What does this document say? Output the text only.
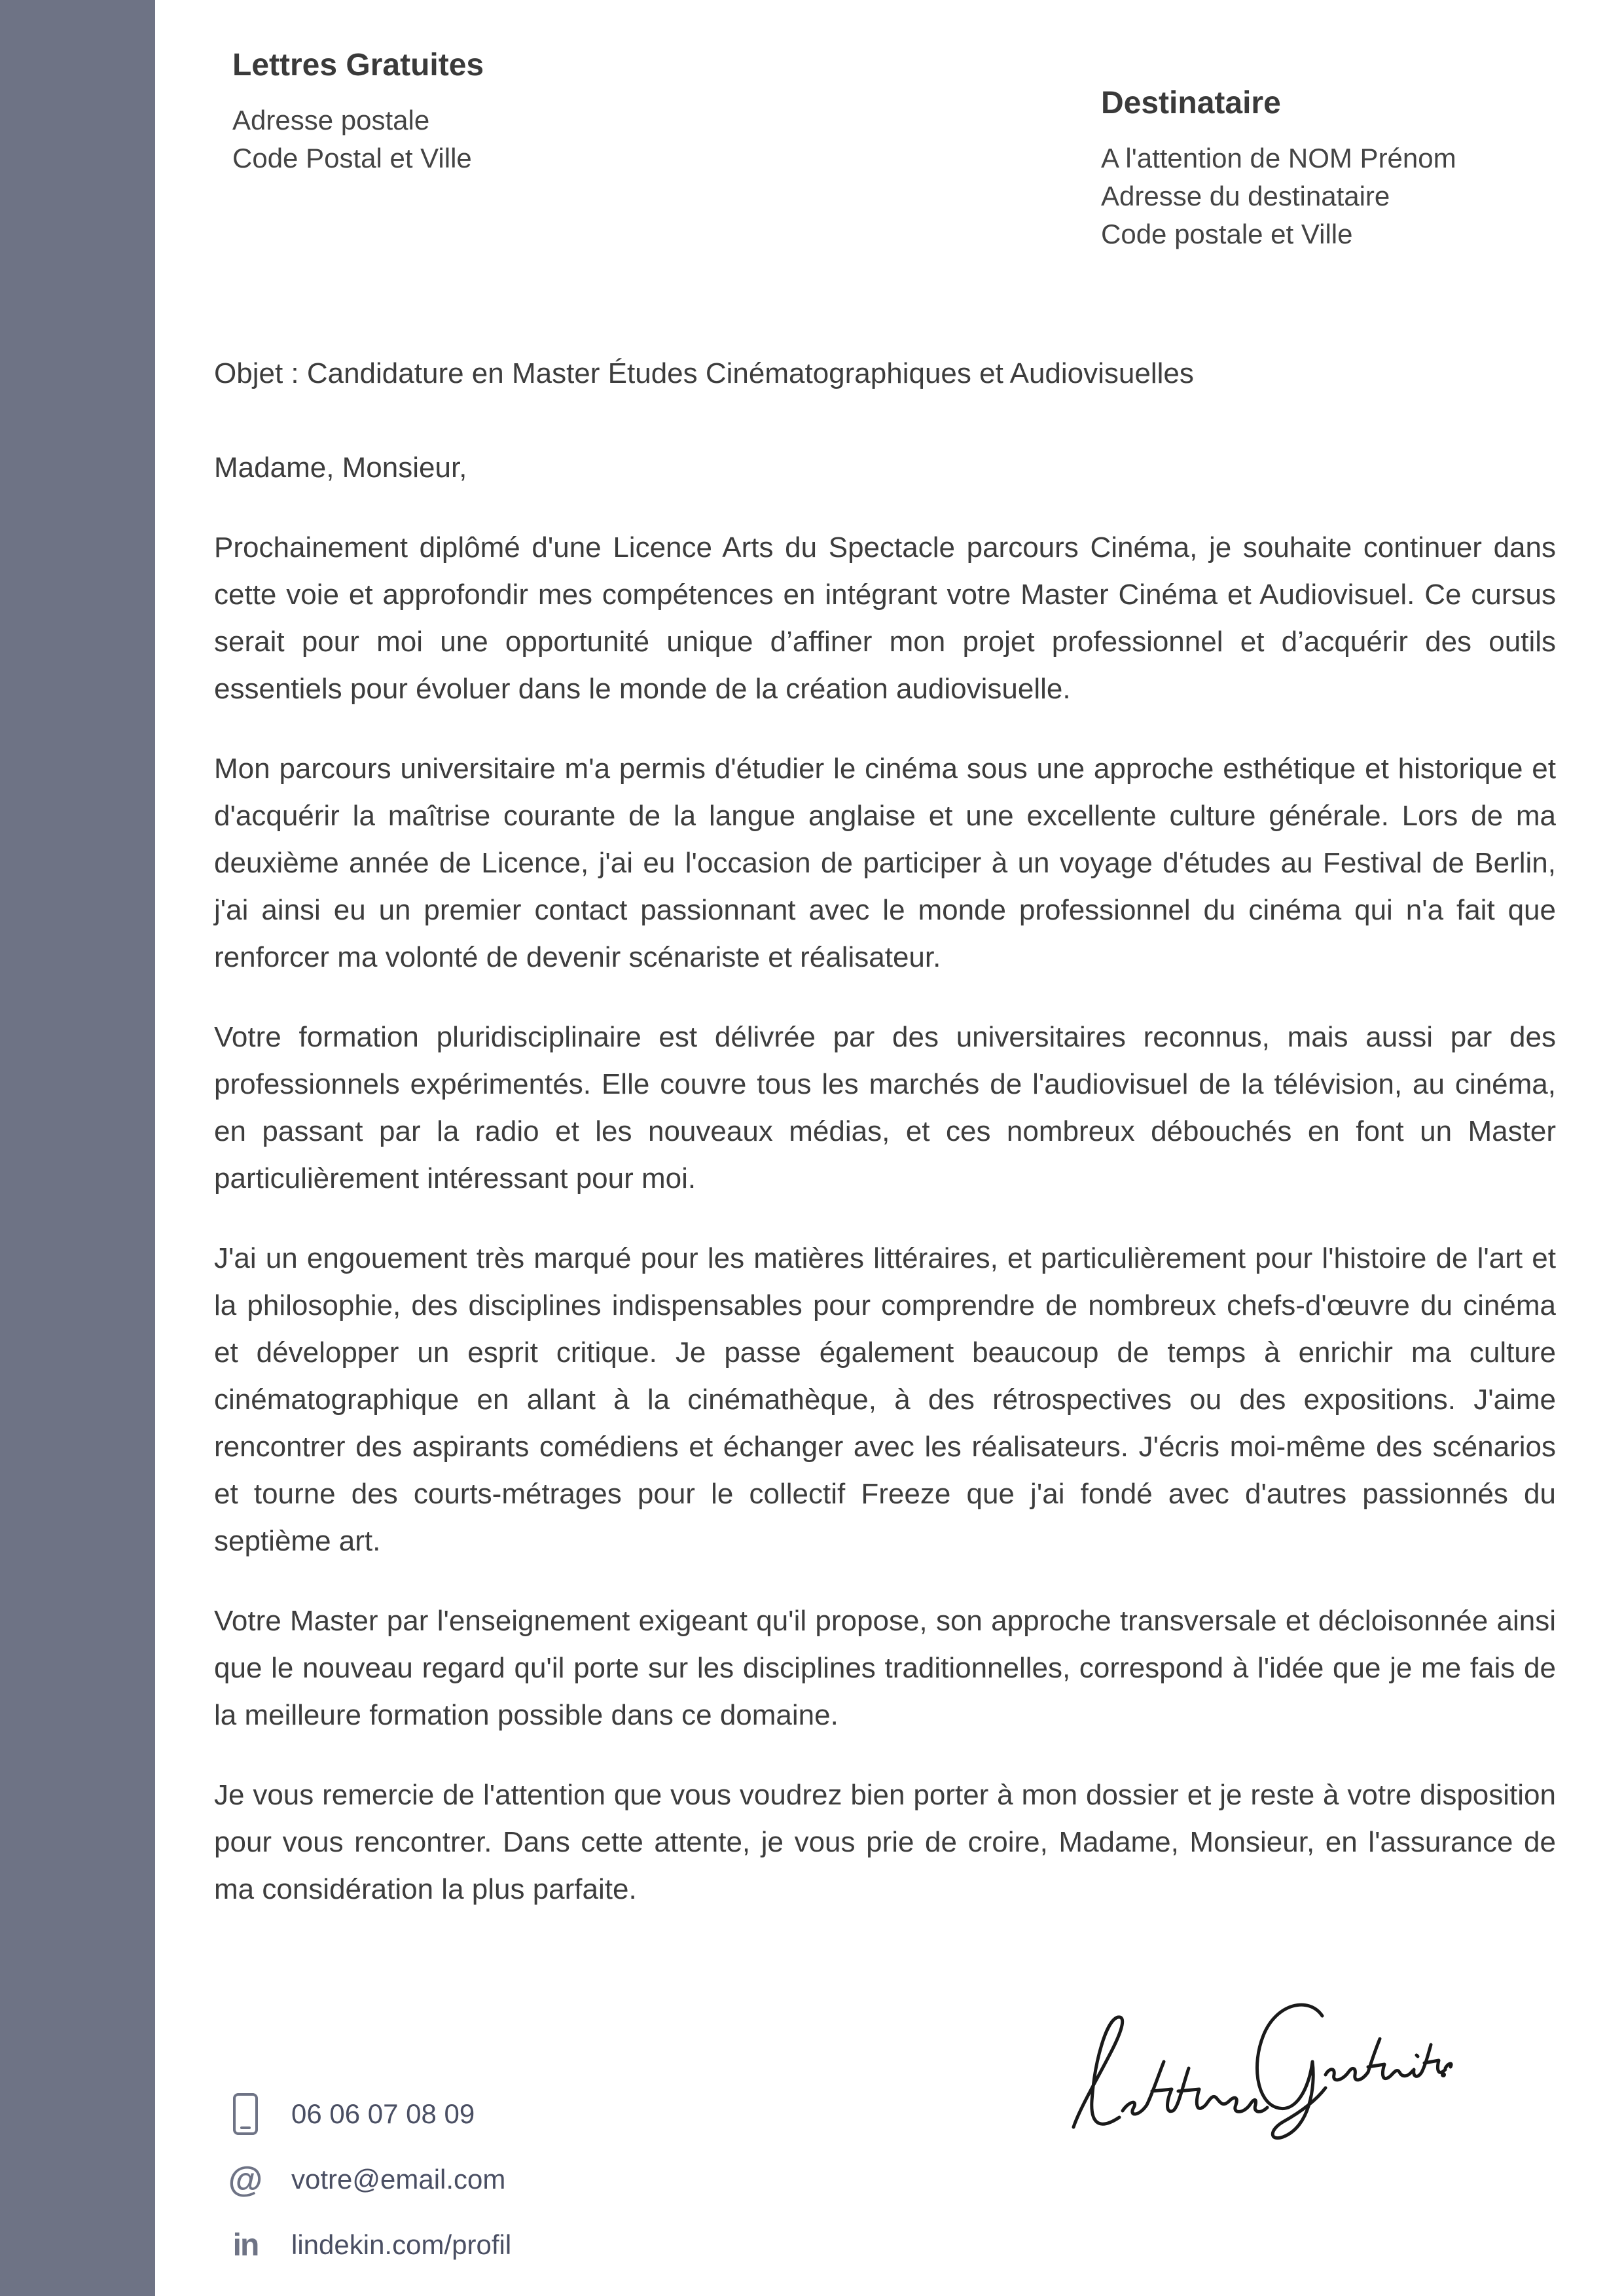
Lettres Gratuites
Adresse postale
Code Postal et Ville
Destinataire
A l'attention de NOM Prénom
Adresse du destinataire
Code postale et Ville
Objet : Candidature en Master Études Cinématographiques et Audiovisuelles
Madame, Monsieur,

Prochainement diplômé d'une Licence Arts du Spectacle parcours Cinéma, je souhaite continuer dans cette voie et approfondir mes compétences en intégrant votre Master Cinéma et Audiovisuel. Ce cursus serait pour moi une opportunité unique d’affiner mon projet professionnel et d’acquérir des outils essentiels pour évoluer dans le monde de la création audiovisuelle.

Mon parcours universitaire m'a permis d'étudier le cinéma sous une approche esthétique et historique et d'acquérir la maîtrise courante de la langue anglaise et une excellente culture générale. Lors de ma deuxième année de Licence, j'ai eu l'occasion de participer à un voyage d'études au Festival de Berlin, j'ai ainsi eu un premier contact passionnant avec le monde professionnel du cinéma qui n'a fait que renforcer ma volonté de devenir scénariste et réalisateur.

Votre formation pluridisciplinaire est délivrée par des universitaires reconnus, mais aussi par des professionnels expérimentés. Elle couvre tous les marchés de l'audiovisuel de la télévision, au cinéma, en passant par la radio et les nouveaux médias, et ces nombreux débouchés en font un Master particulièrement intéressant pour moi.

J'ai un engouement très marqué pour les matières littéraires, et particulièrement pour l'histoire de l'art et la philosophie, des disciplines indispensables pour comprendre de nombreux chefs-d'œuvre du cinéma et développer un esprit critique. Je passe également beaucoup de temps à enrichir ma culture cinématographique en allant à la cinémathèque, à des rétrospectives ou des expositions. J'aime rencontrer des aspirants comédiens et échanger avec les réalisateurs. J'écris moi-même des scénarios et tourne des courts-métrages pour le collectif Freeze que j'ai fondé avec d'autres passionnés du septième art.

Votre Master par l'enseignement exigeant qu'il propose, son approche transversale et décloisonnée ainsi que le nouveau regard qu'il porte sur les disciplines traditionnelles, correspond à l'idée que je me fais de la meilleure formation possible dans ce domaine.

Je vous remercie de l'attention que vous voudrez bien porter à mon dossier et je reste à votre disposition pour vous rencontrer. Dans cette attente, je vous prie de croire, Madame, Monsieur, en l'assurance de ma considération la plus parfaite.

06 06 07 08 09
@ votre@email.com
in lindekin.com/profil
